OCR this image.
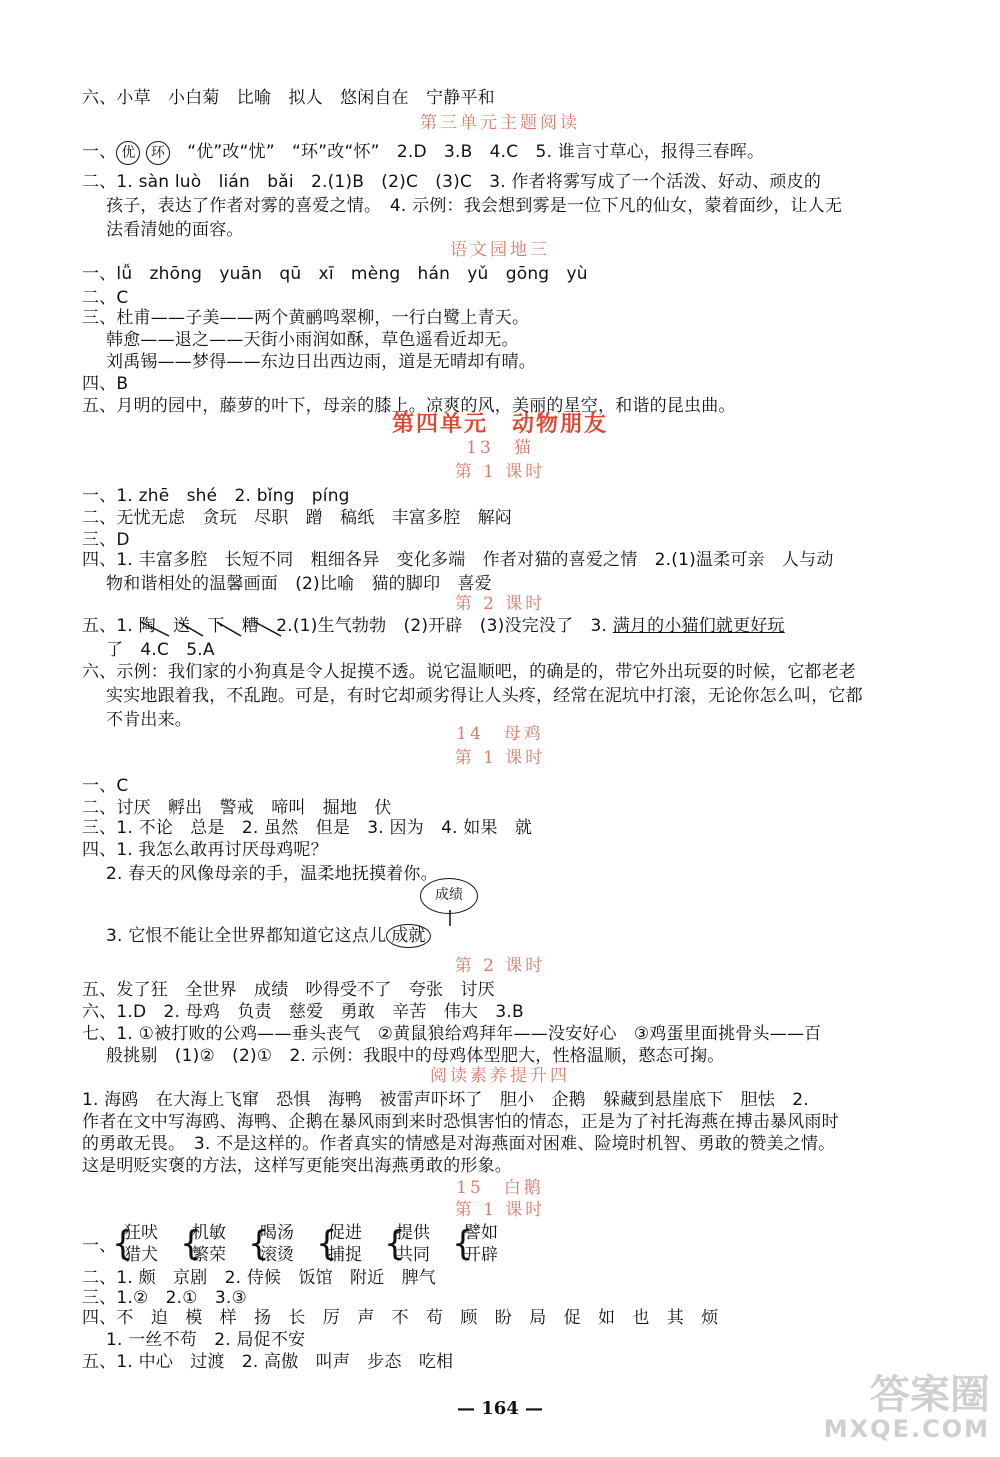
六、小草　小白菊　比喻　拟人　悠闲自在　宁静平和
第三单元主题阅读
一、 优 环　“优”改“忧”　“环”改“怀”　2.D　3.B　4.C　5. 谁言寸草心，报得三春晖。
二、1. sàn luò　lián　bǎi　2.(1)B　(2)C　(3)C　3. 作者将雾写成了一个活泼、好动、顽皮的
孩子，表达了作者对雾的喜爱之情。　4. 示例：我会想到雾是一位下凡的仙女，蒙着面纱，让人无
法看清她的面容。
语文园地三
一、lǚ　zhōng　yuān　qū　xī　mèng　hán　yǔ　gōng　yù
二、C
三、杜甫——子美——两个黄鹂鸣翠柳，一行白鹭上青天。
韩愈——退之——天街小雨润如酥，草色遥看近却无。
刘禹锡——梦得——东边日出西边雨，道是无晴却有晴。
四、B
五、月明的园中，藤萝的叶下，母亲的膝上。凉爽的风，美丽的星空，和谐的昆虫曲。
第四单元　动物朋友
13　猫
第 1 课时
一、1. zhē　shé　2. bǐng　píng
二、无忧无虑　贪玩　尽职　蹭　稿纸　丰富多腔　解闷
三、D
四、1. 丰富多腔　长短不同　粗细各异　变化多端　作者对猫的喜爱之情　2.(1)温柔可亲　人与动
物和谐相处的温馨画面　(2)比喻　猫的脚印　喜爱
第 2 课时
五、1. 陶　送　下　糟
　2.(1)生气勃勃　(2)开辟　(3)没完没了　3. 满月的小猫们就更好玩
了　4.C　5.A
六、示例：我们家的小狗真是令人捉摸不透。说它温顺吧，的确是的，带它外出玩耍的时候，它都老老
实实地跟着我，不乱跑。可是，有时它却顽劣得让人头疼，经常在泥坑中打滚，无论你怎么叫，它都
不肯出来。
14　母鸡
第 1 课时
一、C
二、讨厌　孵出　警戒　啼叫　掘地　伏
三、1. 不论　总是　2. 虽然　但是　3. 因为　4. 如果　就
四、1. 我怎么敢再讨厌母鸡呢？
2. 春天的风像母亲的手，温柔地抚摸着你。
成绩
3. 它恨不能让全世界都知道它这点儿 成就
第 2 课时
五、发了狂　全世界　成绩　吵得受不了　夸张　讨厌
六、1.D　2. 母鸡　负责　慈爱　勇敢　辛苦　伟大　3.B
七、1. ①被打败的公鸡——垂头丧气　②黄鼠狼给鸡拜年——没安好心　③鸡蛋里面挑骨头——百
般挑剔　(1)②　(2)①　2. 示例：我眼中的母鸡体型肥大，性格温顺，憨态可掬。
阅读素养提升四
1. 海鸥　在大海上飞窜　恐惧　海鸭　被雷声吓坏了　胆小　企鹅　躲藏到悬崖底下　胆怯　2.
作者在文中写海鸥、海鸭、企鹅在暴风雨到来时恐惧害怕的情态，正是为了衬托海燕在搏击暴风雨时
的勇敢无畏。　3. 不是这样的。作者真实的情感是对海燕面对困难、险境时机智、勇敢的赞美之情。
这是明贬实褒的方法，这样写更能突出海燕勇敢的形象。
15　白鹅
第 1 课时
一、
{
狂吠
猎犬 {
机敏
繁荣 {
喝汤
滚烫 {
促进
捕捉 {
提供
共同 {
譬如
开辟
二、1. 颇　京剧　2. 侍候　饭馆　附近　脾气
三、1.②　2.①　3.③
四、不　迫　模　样　扬　长　厉　声　不　苟　顾　盼　局　促　如　也　其　烦
1. 一丝不苟　2. 局促不安
五、1. 中心　过渡　2. 高傲　叫声　步态　吃相
— 164 —	答案圈
MXQE.COM
